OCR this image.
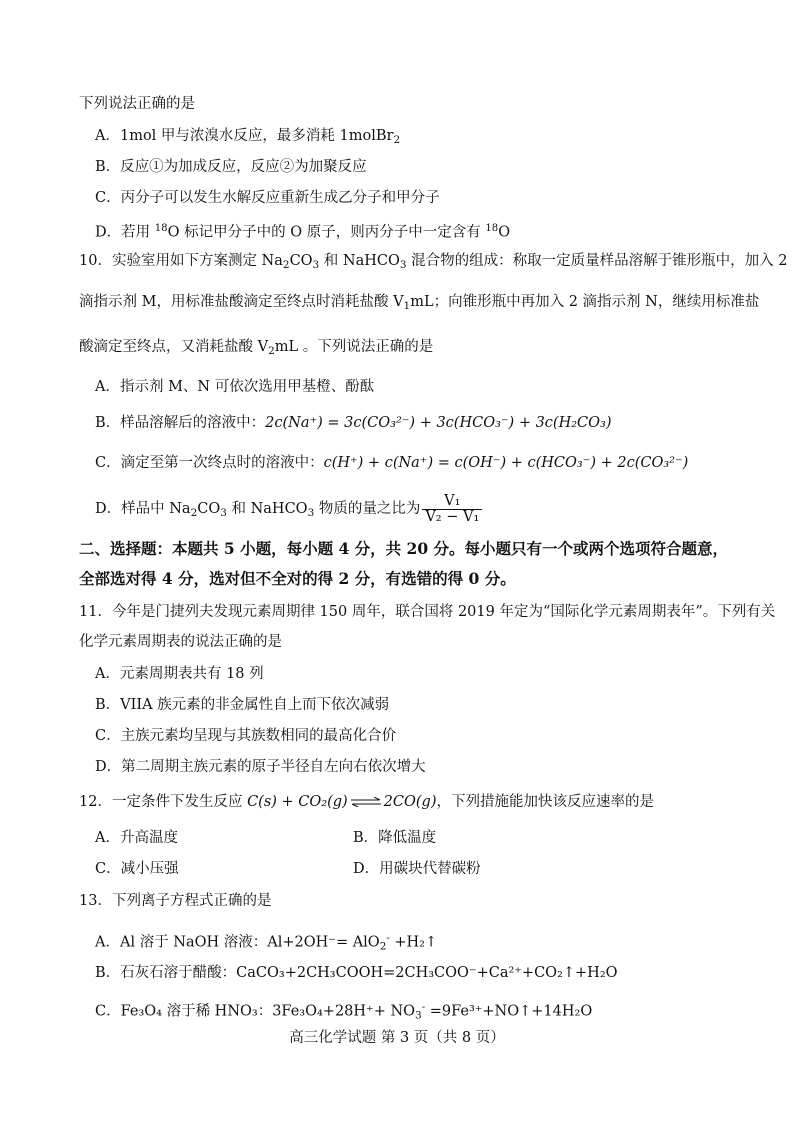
下列说法正确的是
A．1mol 甲与浓溴水反应，最多消耗 1molBr$_2$
B．反应①为加成反应，反应②为加聚反应
C．丙分子可以发生水解反应重新生成乙分子和甲分子
D．若用 $^{18}$O 标记甲分子中的 O 原子，则丙分子中一定含有 $^{18}$O
10．实验室用如下方案测定 $Na_2CO_3$ 和 NaHCO$_3$ 混合物的组成：称取一定质量样品溶解于锥形瓶中，加入 2
滴指示剂 M，用标准盐酸滴定至终点时消耗盐酸 $V_1mL$；向锥形瓶中再加入 2 滴指示剂 N，继续用标准盐
酸滴定至终点，又消耗盐酸 $V_2mL$ 。下列说法正确的是
A．指示剂 M、N 可依次选用甲基橙、酚酞
B．样品溶解后的溶液中：2c(Na⁺) = 3c(CO₃²⁻) + 3c(HCO₃⁻) + 3c(H₂CO₃)
C．滴定至第一次终点时的溶液中：c(H⁺) + c(Na⁺) = c(OH⁻) + c(HCO₃⁻) + 2c(CO₃²⁻)
D．样品中 $Na_2CO_3$ 和 NaHCO$_3$ 物质的量之比为 $\frac{\text{V₁}}{\text{V₂ − V₁}}$
二、选择题：本题共 5 小题，每小题 4 分，共 20 分。每小题只有一个或两个选项符合题意，
全部选对得 4 分，选对但不全对的得 2 分，有选错的得 0 分。
11．今年是门捷列夫发现元素周期律 150 周年，联合国将 2019 年定为“国际化学元素周期表年”。下列有关
化学元素周期表的说法正确的是
A．元素周期表共有 18 列
B．VIIA 族元素的非金属性自上而下依次减弱
C．主族元素均呈现与其族数相同的最高化合价
D．第二周期主族元素的原子半径自左向右依次增大
12．一定条件下发生反应 C(s) + CO₂(g) ⇌ 2CO(g)，下列措施能加快该反应速率的是
A．升高温度	B．降低温度
C．减小压强	D．用碳块代替碳粉
13．下列离子方程式正确的是
A．Al 溶于 NaOH 溶液：Al+2OH⁻= AlO$_2$- +H₂↑
B．石灰石溶于醋酸：CaCO₃+2CH₃COOH=2CH₃COO⁻+Ca²⁺+CO₂↑+H₂O
C．Fe₃O₄ 溶于稀 HNO₃：$3Fe_3O_4+28H^++ NO_3^-$ =9Fe³⁺+NO↑+14H₂O
高三化学试题 第 3 页（共 8 页）
